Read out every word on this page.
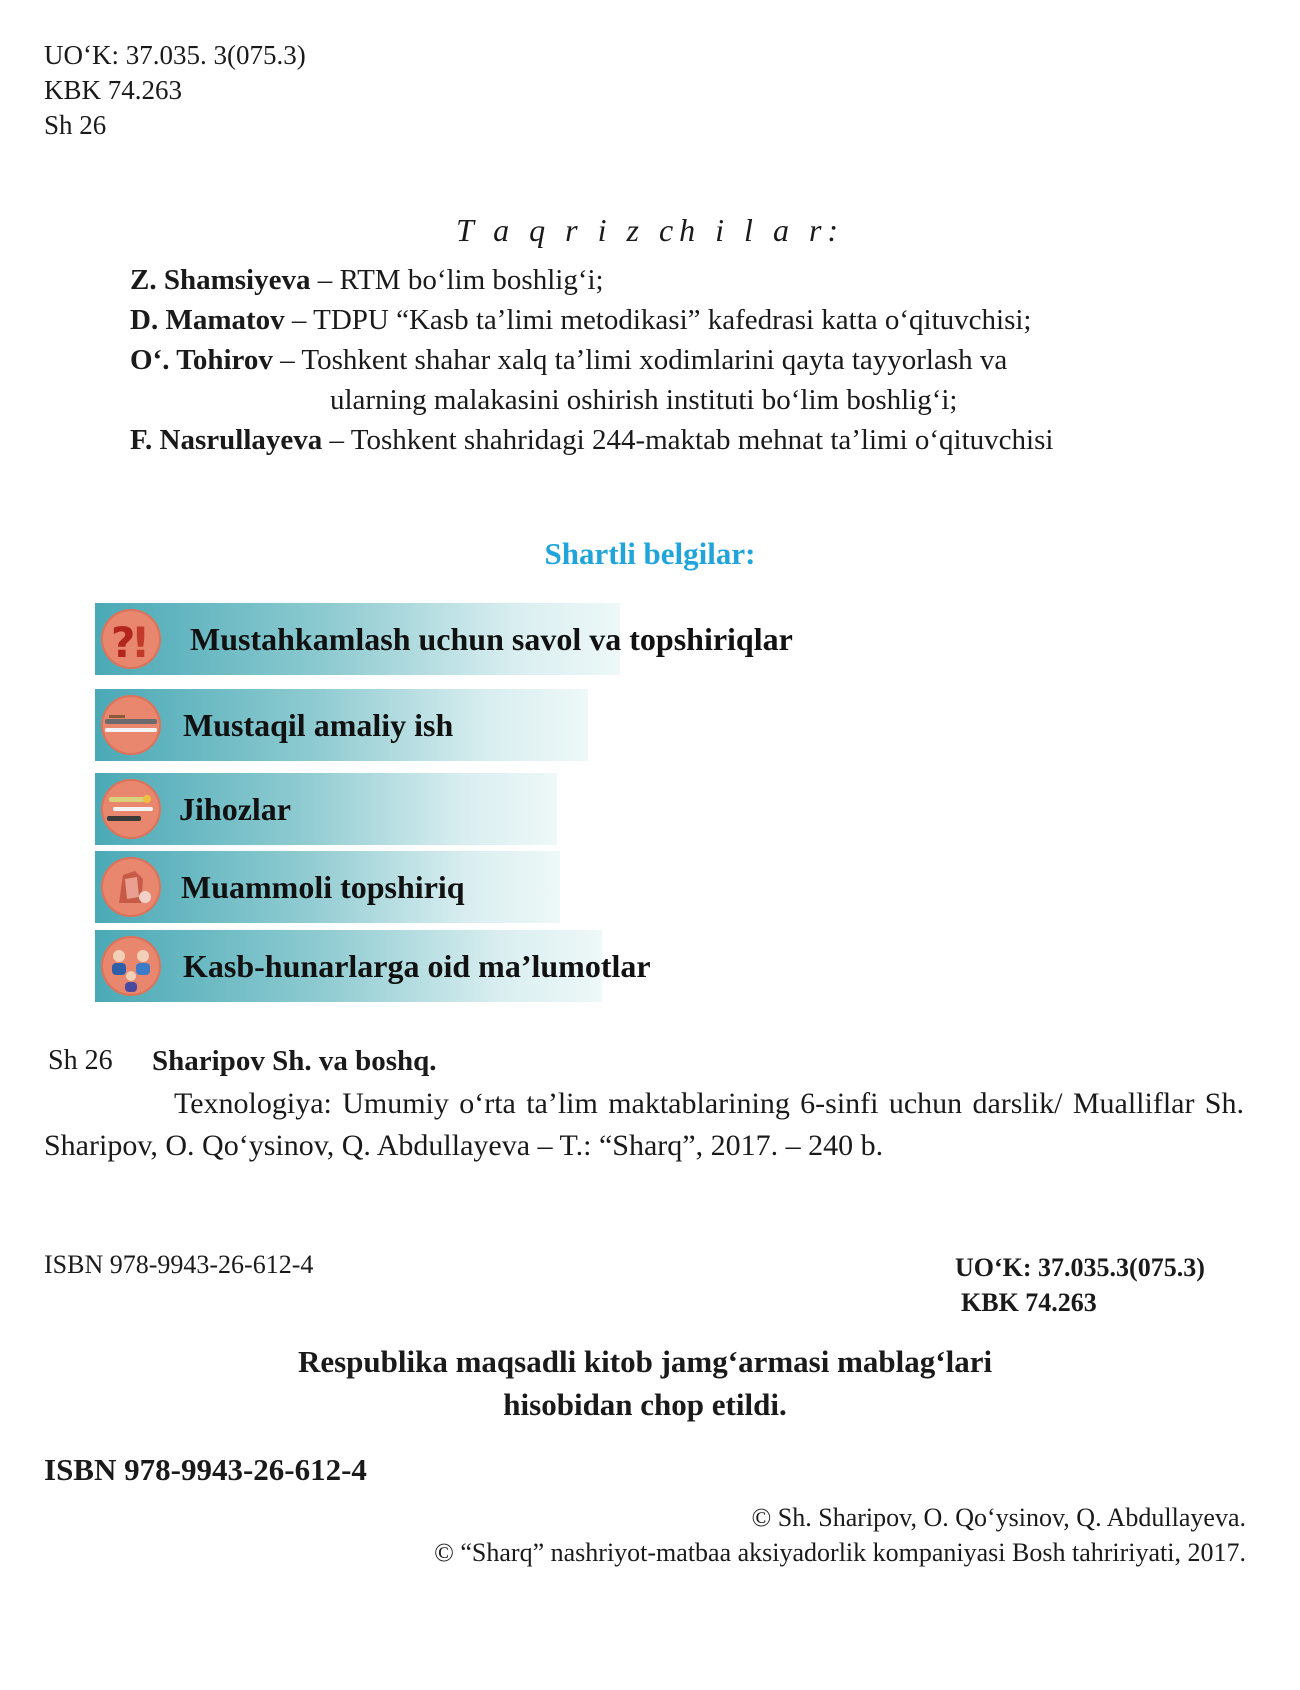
UO‘K: 37.035. 3(075.3)
KBK 74.263
Sh 26
T a q r i z ch i l a r:
Z. Shamsiyeva – RTM bo‘lim boshlig‘i;
D. Mamatov – TDPU “Kasb ta’limi metodikasi” kafedrasi katta o‘qituvchisi;
O‘. Tohirov – Toshkent shahar xalq ta’limi xodimlarini qayta tayyorlash va
ularning malakasini oshirish instituti bo‘lim boshlig‘i;
F. Nasrullayeva – Toshkent shahridagi 244-maktab mehnat ta’limi o‘qituvchisi
Shartli belgilar:
?
! Mustahkamlash uchun savol va topshiriqlar
Mustaqil amaliy ish
Jihozlar
Muammoli topshiriq
Kasb-hunarlarga oid ma’lumotlar
Sh 26 Sharipov Sh. va boshq.
Texnologiya: Umumiy o‘rta ta’lim maktablarining 6-sinfi uchun darslik/ Mualliflar Sh. Sharipov, O. Qo‘ysinov, Q. Abdullayeva – T.: “Sharq”, 2017. – 240 b.
ISBN 978-9943-26-612-4	UO‘K: 37.035.3(075.3)
KBK 74.263
Respublika maqsadli kitob jamg‘armasi mablag‘lari
hisobidan chop etildi.
ISBN 978-9943-26-612-4
© Sh. Sharipov, O. Qo‘ysinov, Q. Abdullayeva.
© “Sharq” nashriyot-matbaa aksiyadorlik kompaniyasi Bosh tahririyati, 2017.
